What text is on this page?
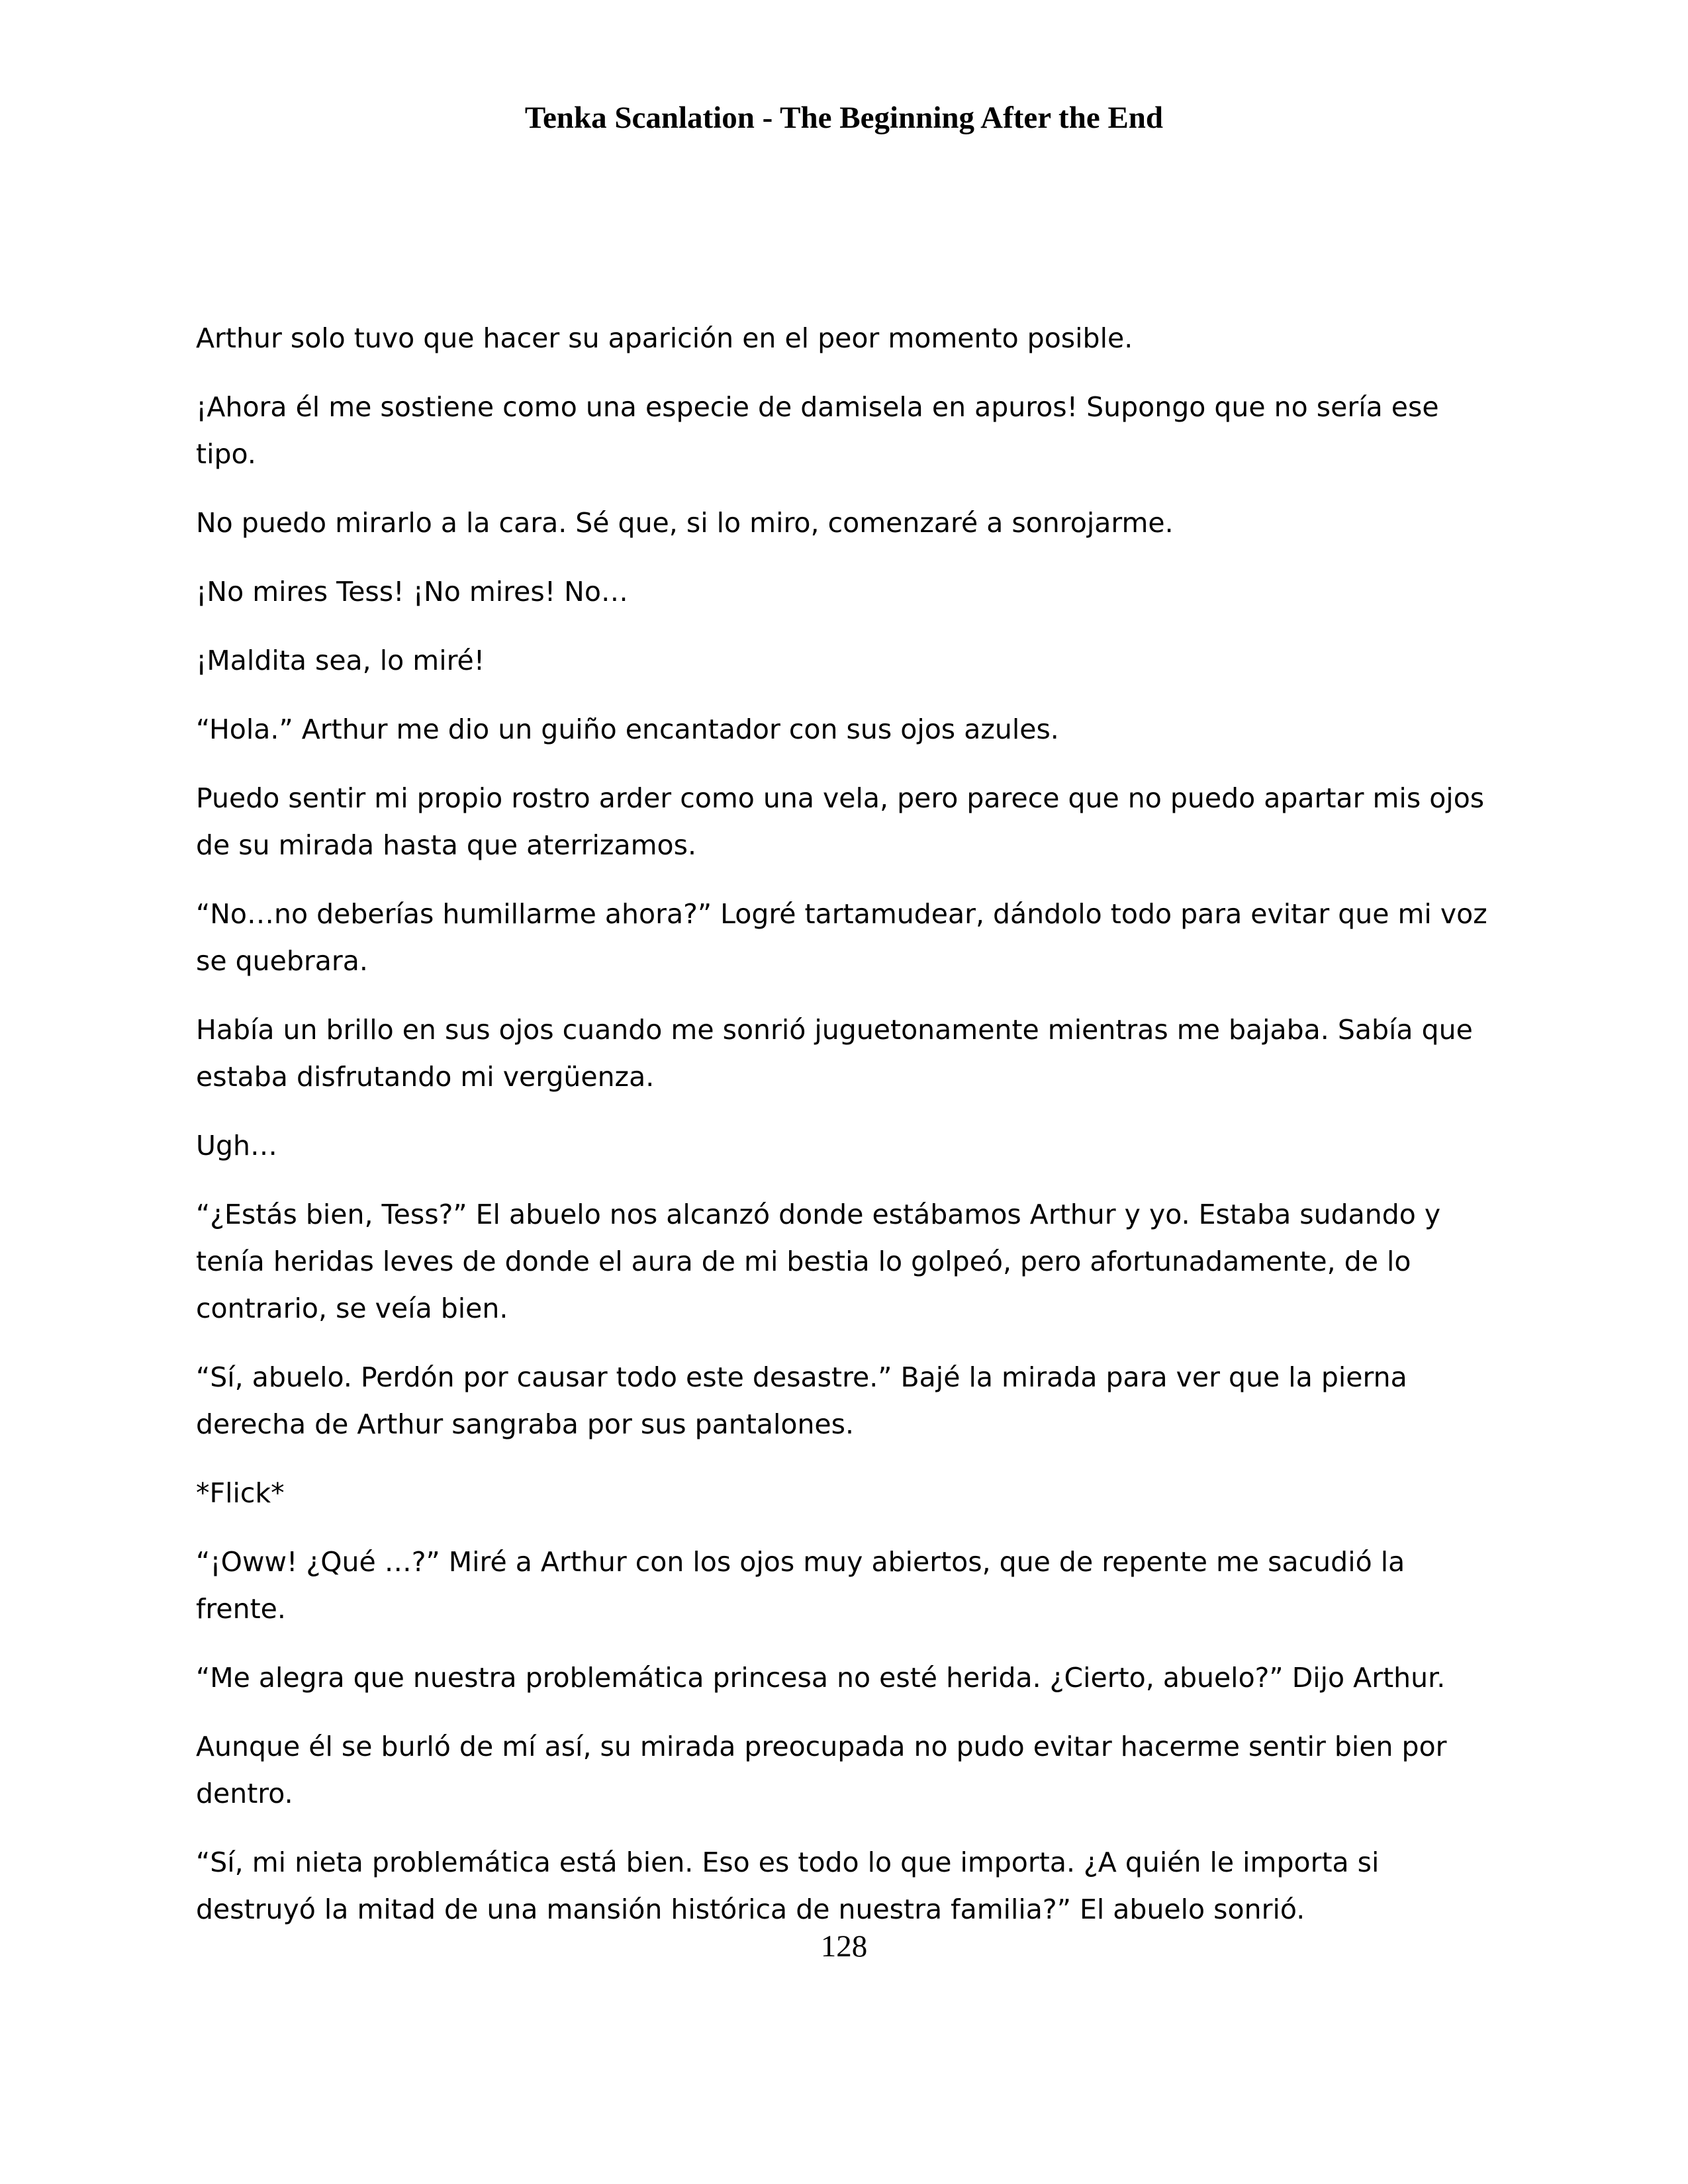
Tenka Scanlation - The Beginning After the End

Arthur solo tuvo que hacer su aparición en el peor momento posible.

¡Ahora él me sostiene como una especie de damisela en apuros! Supongo que no sería ese tipo.

No puedo mirarlo a la cara. Sé que, si lo miro, comenzaré a sonrojarme.

¡No mires Tess! ¡No mires! No…

¡Maldita sea, lo miré!

“Hola.” Arthur me dio un guiño encantador con sus ojos azules.

Puedo sentir mi propio rostro arder como una vela, pero parece que no puedo apartar mis ojos de su mirada hasta que aterrizamos.

“No…no deberías humillarme ahora?” Logré tartamudear, dándolo todo para evitar que mi voz se quebrara.

Había un brillo en sus ojos cuando me sonrió juguetonamente mientras me bajaba. Sabía que estaba disfrutando mi vergüenza.

Ugh…

“¿Estás bien, Tess?” El abuelo nos alcanzó donde estábamos Arthur y yo. Estaba sudando y tenía heridas leves de donde el aura de mi bestia lo golpeó, pero afortunadamente, de lo contrario, se veía bien.

“Sí, abuelo. Perdón por causar todo este desastre.” Bajé la mirada para ver que la pierna derecha de Arthur sangraba por sus pantalones.

*Flick*

“¡Oww! ¿Qué …?” Miré a Arthur con los ojos muy abiertos, que de repente me sacudió la frente.

“Me alegra que nuestra problemática princesa no esté herida. ¿Cierto, abuelo?” Dijo Arthur.

Aunque él se burló de mí así, su mirada preocupada no pudo evitar hacerme sentir bien por dentro.

“Sí, mi nieta problemática está bien. Eso es todo lo que importa. ¿A quién le importa si destruyó la mitad de una mansión histórica de nuestra familia?” El abuelo sonrió.

128
